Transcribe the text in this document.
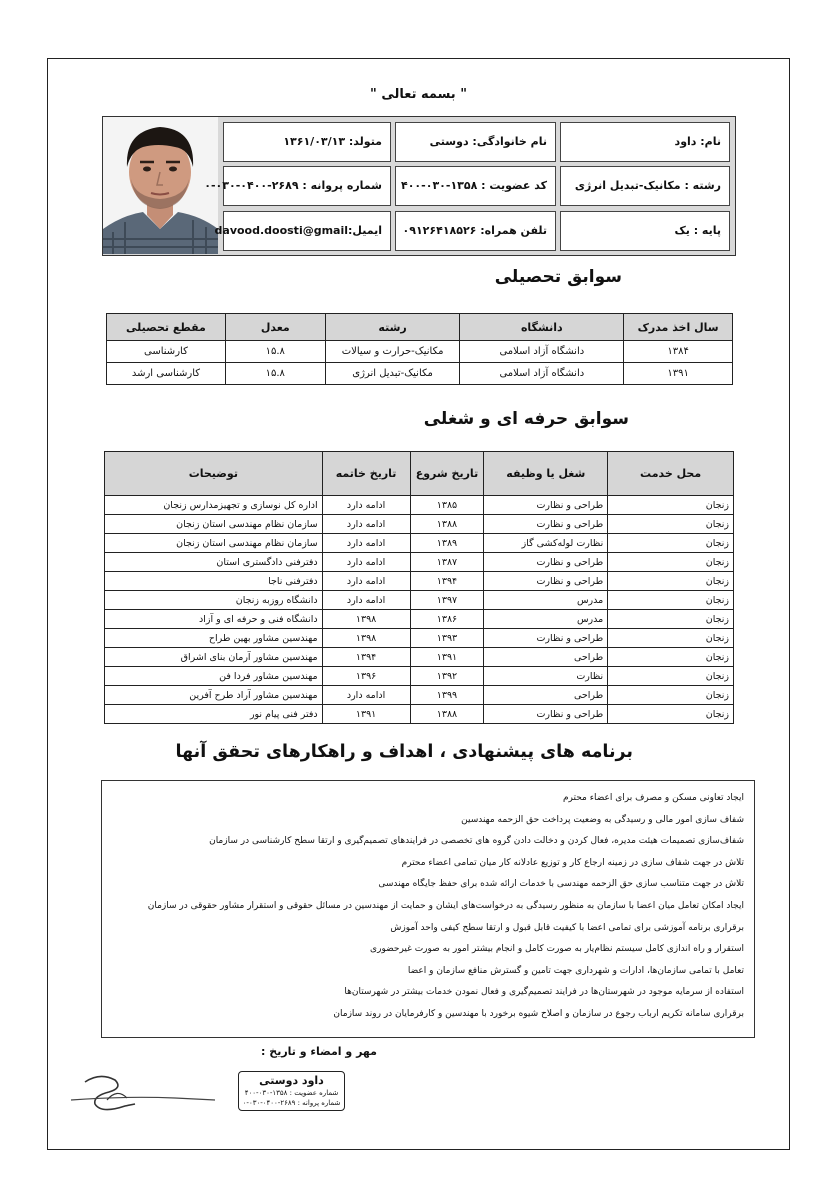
" بسمه تعالی "
نام: داود
نام خانوادگی: دوستی
متولد: ۱۳۶۱/۰۳/۱۳
رشته : مکانیک-تبدیل انرژی
کد عضویت : ۱۳۵۸-۰۳۰-۴۰۰
شماره پروانه : ۲۶۸۹-۰۴۰۰-۰۳۰-۰
پایه : یک
تلفن همراه: ۰۹۱۲۶۴۱۸۵۲۶
ایمیل:davood.doosti@gmail
سوابق تحصیلی
سال اخذ مدرک	دانشگاه	رشته	معدل	مقطع تحصیلی
۱۳۸۴	دانشگاه آزاد اسلامی	مکانیک-حرارت و سیالات	۱۵.۸	کارشناسی
۱۳۹۱	دانشگاه آزاد اسلامی	مکانیک-تبدیل انرژی	۱۵.۸	کارشناسی ارشد
سوابق حرفه ای و شغلی
محل خدمت	شغل یا وظیفه	تاریخ شروع	تاریخ خاتمه	توضیحات
زنجان	طراحی و نظارت	۱۳۸۵	ادامه دارد	اداره کل نوسازی و تجهیزمدارس زنجان
زنجان	طراحی و نظارت	۱۳۸۸	ادامه دارد	سازمان نظام مهندسی استان زنجان
زنجان	نظارت لوله‌کشی گاز	۱۳۸۹	ادامه دارد	سازمان نظام مهندسی استان زنجان
زنجان	طراحی و نظارت	۱۳۸۷	ادامه دارد	دفترفنی دادگستری استان
زنجان	طراحی و نظارت	۱۳۹۴	ادامه دارد	دفترفنی ناجا
زنجان	مدرس	۱۳۹۷	ادامه دارد	دانشگاه روزبه زنجان
زنجان	مدرس	۱۳۸۶	۱۳۹۸	دانشگاه فنی و حرفه ای و آزاد
زنجان	طراحی و نظارت	۱۳۹۳	۱۳۹۸	مهندسین مشاور بهین طراح
زنجان	طراحی	۱۳۹۱	۱۳۹۴	مهندسین مشاور آرمان بنای اشراق
زنجان	نظارت	۱۳۹۲	۱۳۹۶	مهندسین مشاور فردا فن
زنجان	طراحی	۱۳۹۹	ادامه دارد	مهندسین مشاور آراد طرح آفرین
زنجان	طراحی و نظارت	۱۳۸۸	۱۳۹۱	دفتر فنی پیام نور
برنامه های پیشنهادی ، اهداف و راهکارهای تحقق آنها
ایجاد تعاونی مسکن و مصرف برای اعضاء محترم
شفاف سازی امور مالی و رسیدگی به وضعیت پرداخت حق الزحمه مهندسین
شفاف‌سازی تصمیمات هیئت مدیره، فعال کردن و دخالت دادن گروه های تخصصی در فرایندهای تصمیم‌گیری و ارتقا سطح کارشناسی در سازمان
تلاش در جهت شفاف سازی در زمینه ارجاع کار و توزیع عادلانه کار میان تمامی اعضاء محترم
تلاش در جهت متناسب سازی حق الزحمه مهندسی با خدمات ارائه شده برای حفظ جایگاه مهندسی
ایجاد امکان تعامل میان اعضا با سازمان به منظور رسیدگی به درخواست‌های ایشان و حمایت از مهندسین در مسائل حقوقی و استقرار مشاور حقوقی در سازمان
برقراری برنامه آموزشی برای تمامی اعضا با کیفیت قابل قبول و ارتقا سطح کیفی واحد آموزش
استقرار و راه اندازی کامل سیستم نظام‌یار به صورت کامل و انجام بیشتر امور به صورت غیرحضوری
تعامل با تمامی سازمان‌ها، ادارات و شهرداری جهت تامین و گسترش منافع سازمان و اعضا
استفاده از سرمایه موجود در شهرستان‌ها در فرایند تصمیم‌گیری و فعال نمودن خدمات بیشتر در شهرستان‌ها
برقراری سامانه تکریم ارباب رجوع در سازمان و اصلاح شیوه برخورد با مهندسین و کارفرمایان در روند سازمان
مهر و امضاء و تاریخ :
داود دوستی
شماره عضویت : ۱۳۵۸-۰۳۰-۴۰۰
شماره پروانه : ۲۶۸۹-۰۴۰۰-۰۳۰-۰
